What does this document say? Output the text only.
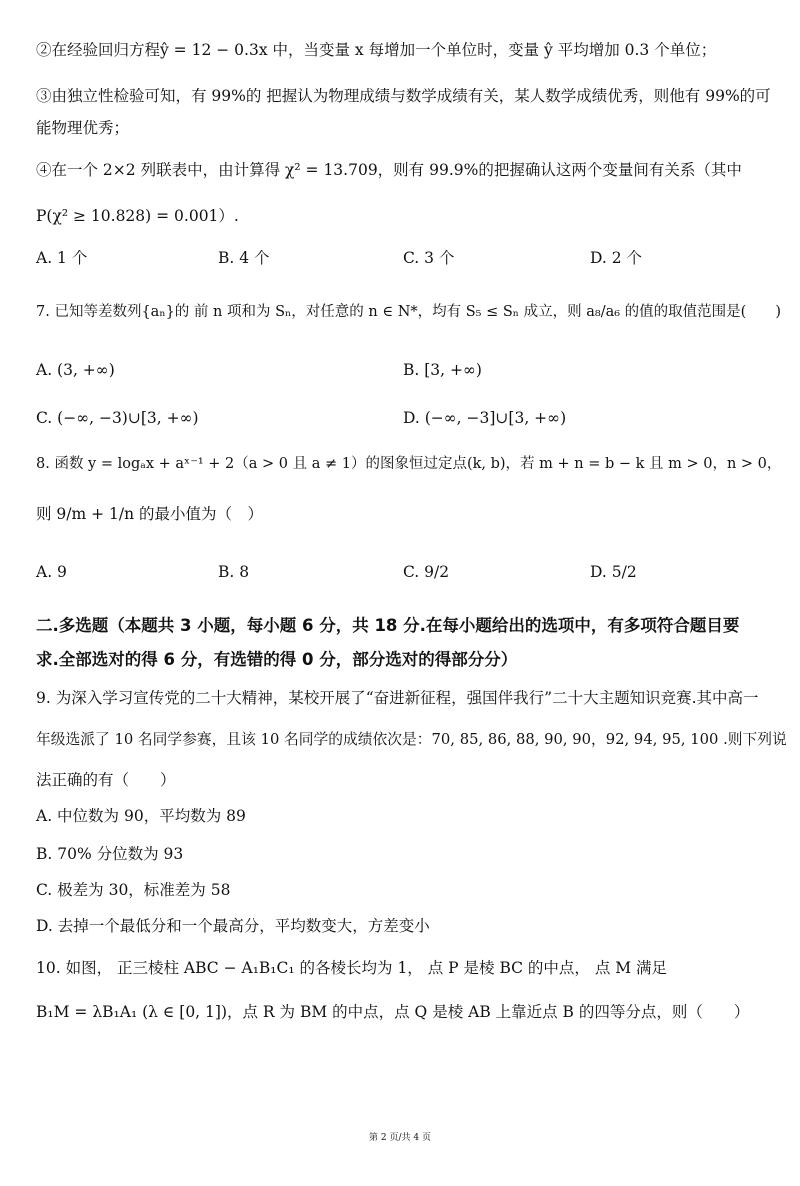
②在经验回归方程ŷ = 12 − 0.3x 中，当变量 x 每增加一个单位时，变量 ŷ 平均增加 0.3 个单位；
③由独立性检验可知，有 99%的 把握认为物理成绩与数学成绩有关，某人数学成绩优秀，则他有 99%的可
能物理优秀；
④在一个 2×2 列联表中，由计算得 χ² = 13.709，则有 99.9%的把握确认这两个变量间有关系（其中
P(χ² ≥ 10.828) = 0.001）.
A. 1 个	B. 4 个	C. 3 个	D. 2 个
7. 已知等差数列{aₙ}的 前 n 项和为 Sₙ，对任意的 n ∈ N*，均有 S₅ ≤ Sₙ 成立，则 a₈/a₆ 的值的取值范围是(　　)
A. (3, +∞)	B. [3, +∞)
C. (−∞, −3)∪[3, +∞)	D. (−∞, −3]∪[3, +∞)
8. 函数 y = logₐx + aˣ⁻¹ + 2（a > 0 且 a ≠ 1）的图象恒过定点(k, b)，若 m + n = b − k 且 m > 0，n > 0，
则 9/m + 1/n 的最小值为（　）
A. 9	B. 8	C. 9/2	D. 5/2
二.多选题（本题共 3 小题，每小题 6 分，共 18 分.在每小题给出的选项中，有多项符合题目要
求.全部选对的得 6 分，有选错的得 0 分，部分选对的得部分分）
9. 为深入学习宣传党的二十大精神，某校开展了“奋进新征程，强国伴我行”二十大主题知识竞赛.其中高一
年级选派了 10 名同学参赛，且该 10 名同学的成绩依次是：70, 85, 86, 88, 90, 90，92, 94, 95, 100 .则下列说
法正确的有（　　）
A. 中位数为 90，平均数为 89
B. 70% 分位数为 93
C. 极差为 30，标准差为 58
D. 去掉一个最低分和一个最高分，平均数变大，方差变小
10. 如图， 正三棱柱 ABC − A₁B₁C₁ 的各棱长均为 1， 点 P 是棱 BC 的中点， 点 M 满足
B₁M = λB₁A₁ (λ ∈ [0, 1])，点 R 为 BM 的中点，点 Q 是棱 AB 上靠近点 B 的四等分点，则（　　）
第 2 页/共 4 页
